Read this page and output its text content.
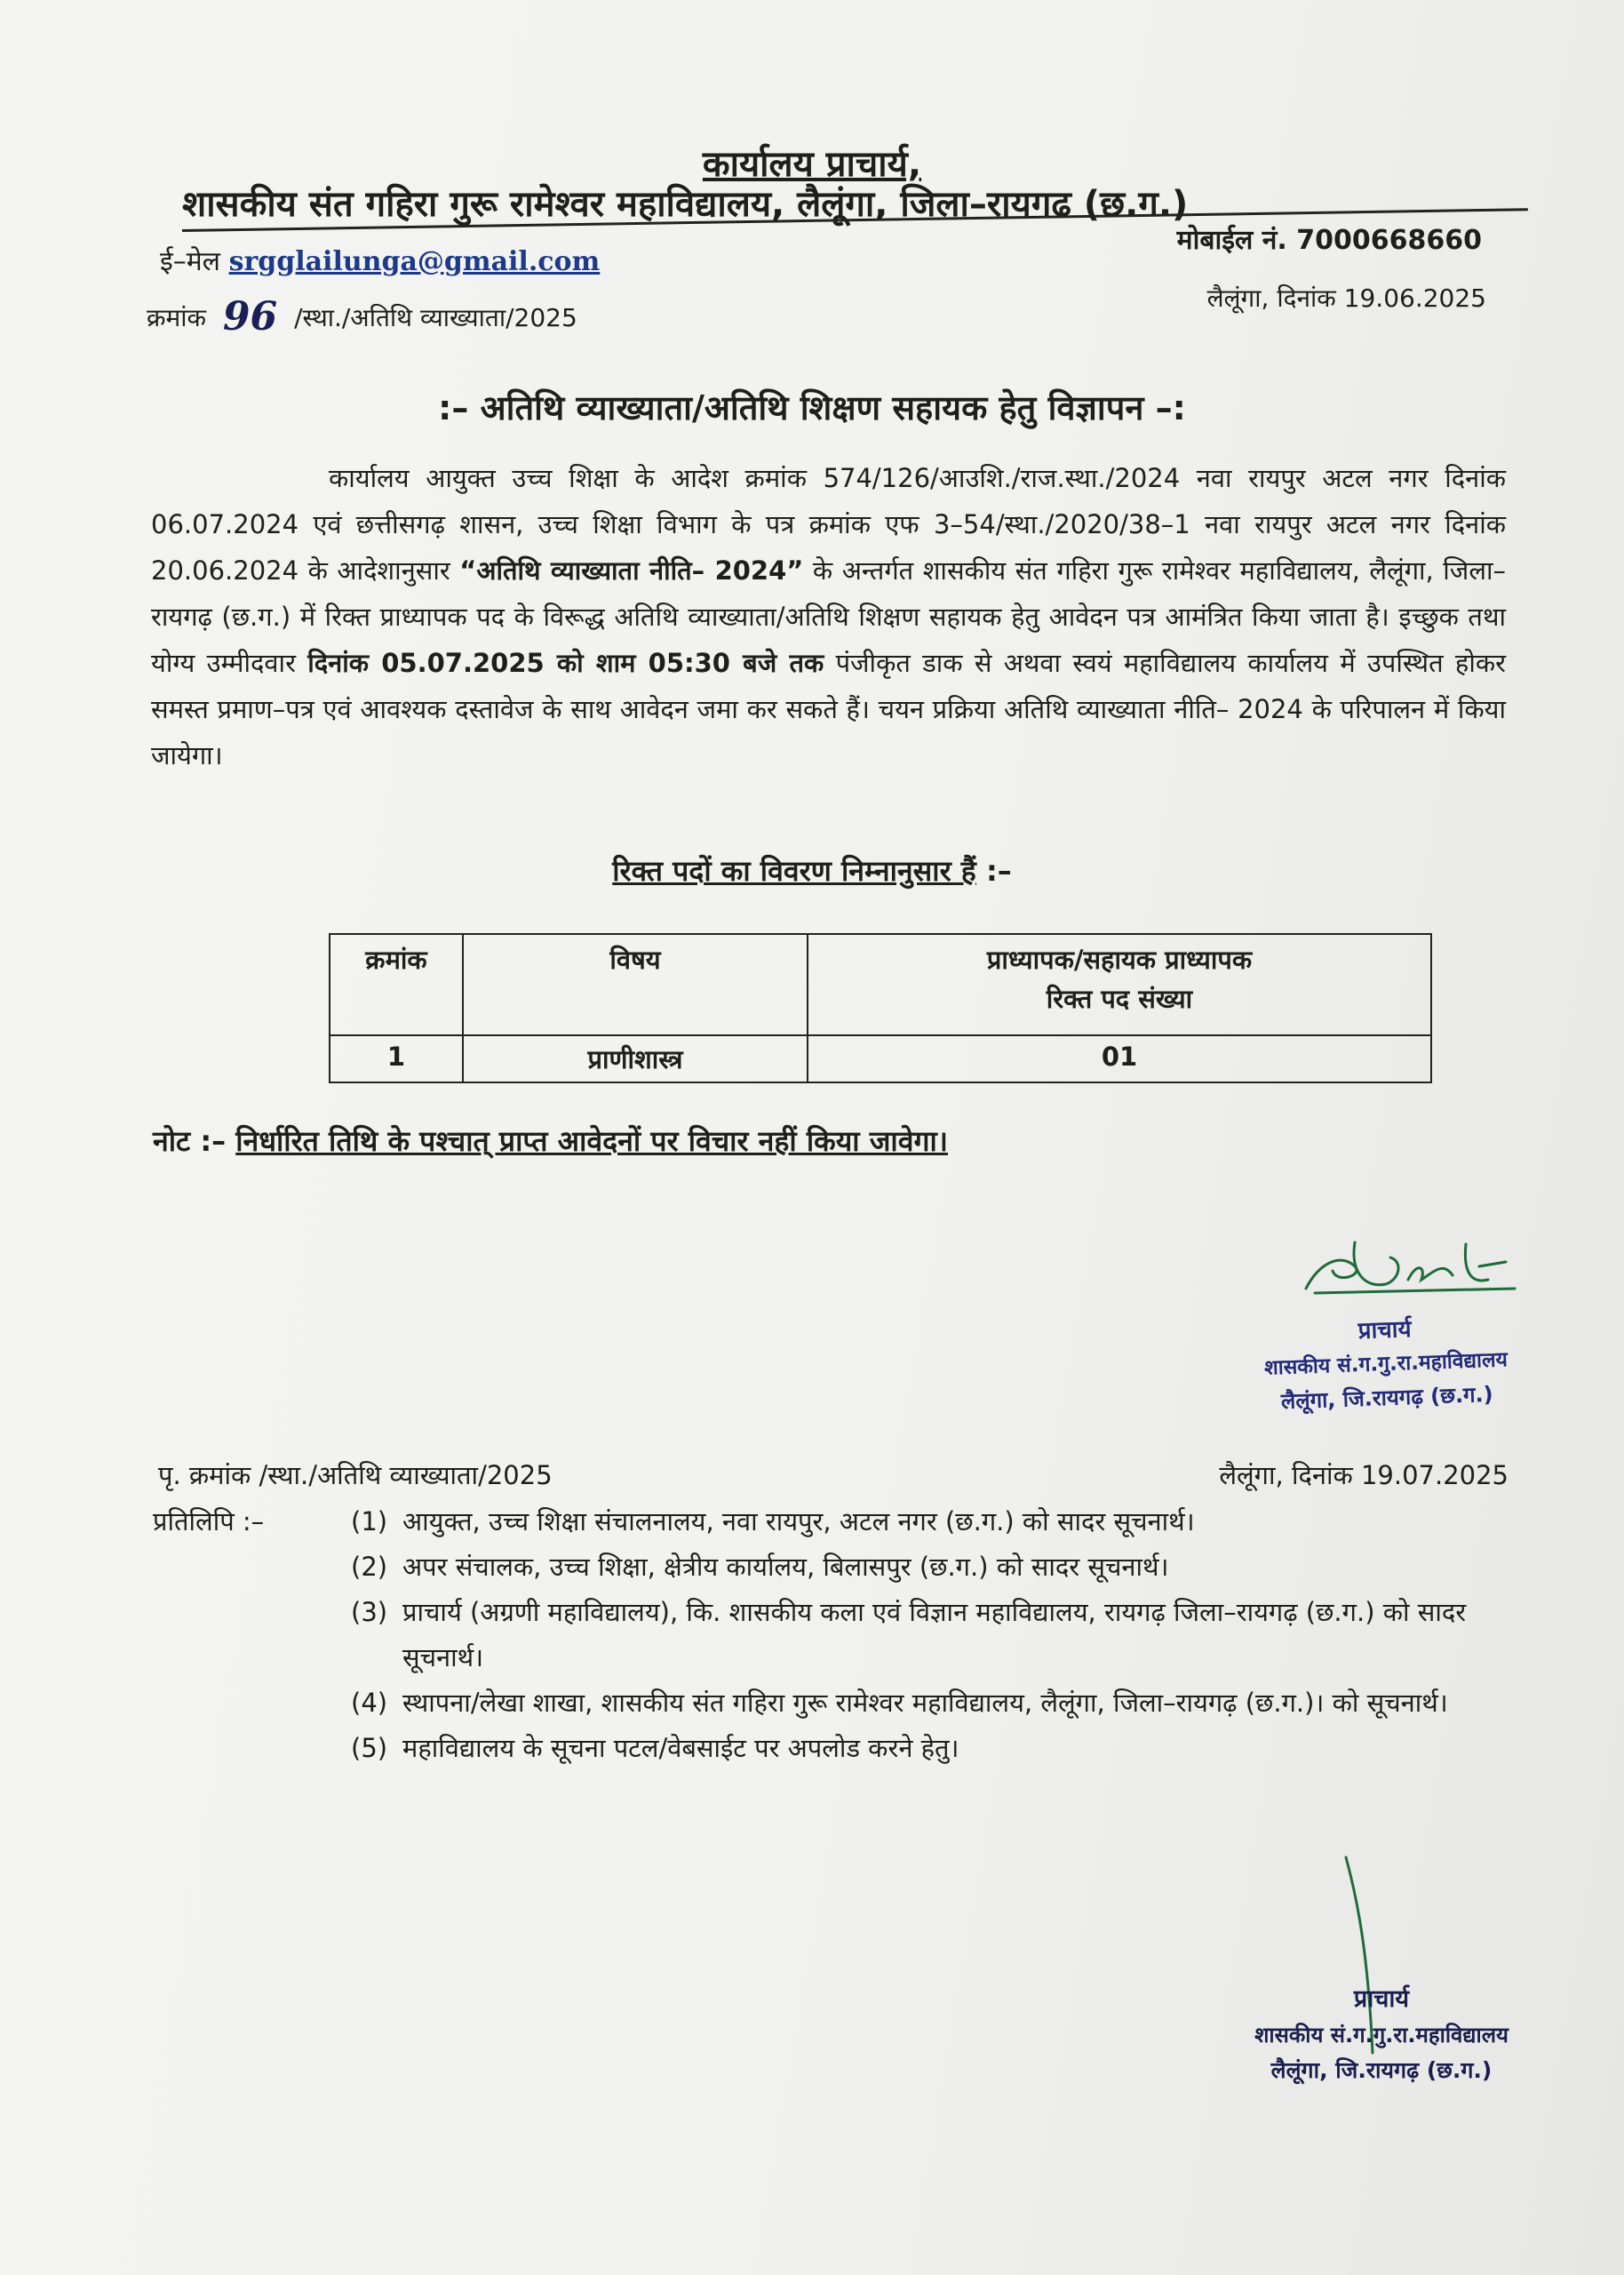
कार्यालय प्राचार्य,
शासकीय संत गहिरा गुरू रामेश्वर महाविद्यालय, लैलूंगा, जिला–रायगढ (छ.ग.)
ई–मेल srgglailunga@gmail.com
मोबाईल नं. 7000668660
क्रमांक 96 /स्था./अतिथि व्याख्याता/2025
लैलूंगा, दिनांक 19.06.2025
:– अतिथि व्याख्याता/अतिथि शिक्षण सहायक हेतु विज्ञापन –:
कार्यालय आयुक्त उच्च शिक्षा के आदेश क्रमांक 574/126/आउशि./राज.स्था./2024 नवा रायपुर अटल नगर दिनांक 06.07.2024 एवं छत्तीसगढ़ शासन, उच्च शिक्षा विभाग के पत्र क्रमांक एफ 3–54/स्था./2020/38–1 नवा रायपुर अटल नगर दिनांक 20.06.2024 के आदेशानुसार “अतिथि व्याख्याता नीति– 2024” के अन्तर्गत शासकीय संत गहिरा गुरू रामेश्वर महाविद्यालय, लैलूंगा, जिला–रायगढ़ (छ.ग.) में रिक्त प्राध्यापक पद के विरूद्ध अतिथि व्याख्याता/अतिथि शिक्षण सहायक हेतु आवेदन पत्र आमंत्रित किया जाता है। इच्छुक तथा योग्य उम्मीदवार दिनांक 05.07.2025 को शाम 05:30 बजे तक पंजीकृत डाक से अथवा स्वयं महाविद्यालय कार्यालय में उपस्थित होकर समस्त प्रमाण–पत्र एवं आवश्यक दस्तावेज के साथ आवेदन जमा कर सकते हैं। चयन प्रक्रिया अतिथि व्याख्याता नीति– 2024 के परिपालन में किया जायेगा।
रिक्त पदों का विवरण निम्नानुसार हैं :–
क्रमांक	विषय	प्राध्यापक/सहायक प्राध्यापक
रिक्त पद संख्या
1	प्राणीशास्त्र	01
नोट :– निर्धारित तिथि के पश्चात् प्राप्त आवेदनों पर विचार नहीं किया जावेगा।
प्राचार्य
शासकीय सं.ग.गु.रा.महाविद्यालय
लैलूंगा, जि.रायगढ़ (छ.ग.)
पृ. क्रमांक /स्था./अतिथि व्याख्याता/2025	लैलूंगा, दिनांक 19.07.2025
प्रतिलिपि :–	(1) आयुक्त, उच्च शिक्षा संचालनालय, नवा रायपुर, अटल नगर (छ.ग.) को सादर सूचनार्थ।
(2) अपर संचालक, उच्च शिक्षा, क्षेत्रीय कार्यालय, बिलासपुर (छ.ग.) को सादर सूचनार्थ।
(3) प्राचार्य (अग्रणी महाविद्यालय), कि. शासकीय कला एवं विज्ञान महाविद्यालय, रायगढ़ जिला–रायगढ़ (छ.ग.) को सादर सूचनार्थ।
(4) स्थापना/लेखा शाखा, शासकीय संत गहिरा गुरू रामेश्वर महाविद्यालय, लैलूंगा, जिला–रायगढ़ (छ.ग.)। को सूचनार्थ।
(5) महाविद्यालय के सूचना पटल/वेबसाईट पर अपलोड करने हेतु।
प्राचार्य
शासकीय सं.ग.गु.रा.महाविद्यालय
लैलूंगा, जि.रायगढ़ (छ.ग.)
